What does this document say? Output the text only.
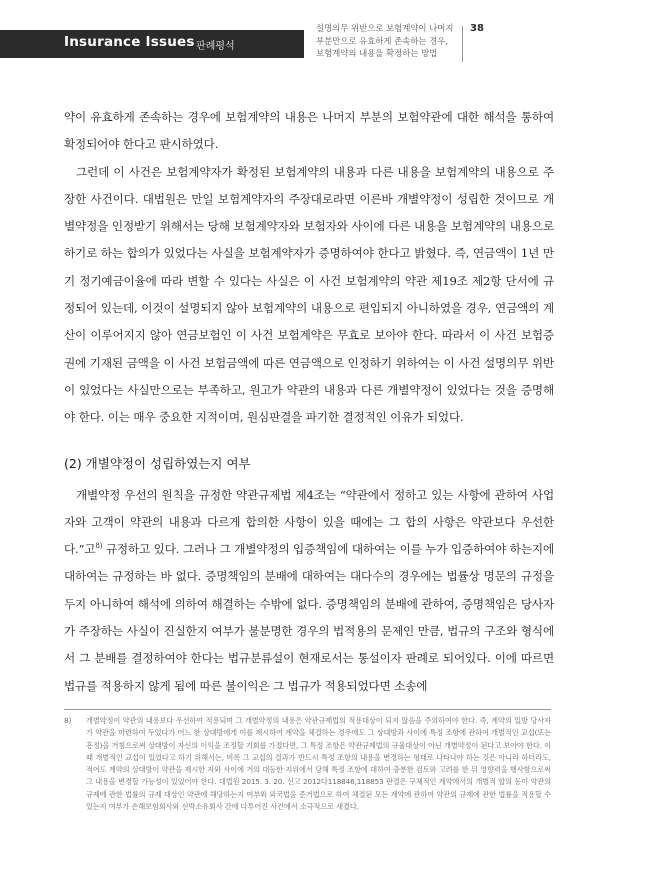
Insurance Issues 판례평석
설명의무 위반으로 보험계약이 나머지
부분만으로 유효하게 존속하는 경우,
보험계약의 내용을 확정하는 방법
38

약이 유효하게 존속하는 경우에 보험계약의 내용은 나머지 부분의 보험약관에 대한 해석을 통하여 확정되어야 한다고 판시하였다.

그런데 이 사건은 보험계약자가 확정된 보험계약의 내용과 다른 내용을 보험계약의 내용으로 주장한 사건이다. 대법원은 만일 보험계약자의 주장대로라면 이른바 개별약정이 성립한 것이므로 개별약정을 인정받기 위해서는 당해 보험계약자와 보험자와 사이에 다른 내용을 보험계약의 내용으로 하기로 하는 합의가 있었다는 사실을 보험계약자가 증명하여야 한다고 밝혔다. 즉, 연금액이 1년 만기 정기예금이율에 따라 변할 수 있다는 사실은 이 사건 보험계약의 약관 제19조 제2항 단서에 규정되어 있는데, 이것이 설명되지 않아 보험계약의 내용으로 편입되지 아니하였을 경우, 연금액의 계산이 이루어지지 않아 연금보험인 이 사건 보험계약은 무효로 보아야 한다. 따라서 이 사건 보험증권에 기재된 금액을 이 사건 보험금액에 따른 연금액으로 인정하기 위하여는 이 사건 설명의무 위반이 있었다는 사실만으로는 부족하고, 원고가 약관의 내용과 다른 개별약정이 있었다는 것을 증명해야 한다. 이는 매우 중요한 지적이며, 원심판결을 파기한 결정적인 이유가 되었다.

(2) 개별약정이 성립하였는지 여부

개별약정 우선의 원칙을 규정한 약관규제법 제4조는 “약관에서 정하고 있는 사항에 관하여 사업자와 고객이 약관의 내용과 다르게 합의한 사항이 있을 때에는 그 합의 사항은 약관보다 우선한다.”고$^{8)}$ 규정하고 있다. 그러나 그 개별약정의 입증책임에 대하여는 이를 누가 입증하여야 하는지에 대하여는 규정하는 바 없다. 증명책임의 분배에 대하여는 대다수의 경우에는 법률상 명문의 규정을 두지 아니하여 해석에 의하여 해결하는 수밖에 없다. 증명책임의 분배에 관하여, 증명책임은 당사자가 주장하는 사실이 진실한지 여부가 불분명한 경우의 법적용의 문제인 만큼, 법규의 구조와 형식에서 그 분배를 결정하여야 한다는 법규분류설이 현재로서는 통설이자 판례로 되어있다. 이에 따르면 법규를 적용하지 않게 됨에 따른 불이익은 그 법규가 적용되었다면 소송에

8)	개별약정이 약관의 내용보다 우선하여 적용되며 그 개별약정의 내용은 약관규제법의 적용대상이 되지 않음을 주의하여야 한다. 즉, 계약의 일방 당사자가 약관을 마련하여 두었다가 어느 한 상대방에게 이를 제시하여 계약을 체결하는 경우에도 그 상대방과 사이에 특정 조항에 관하여 개별적인 교섭(또는 흥정)을 거침으로써 상대방이 자신의 이익을 조정할 기회를 가졌다면, 그 특정 조항은 약관규제법의 규율대상이 아닌 개별약정이 된다고 보아야 한다. 이때 개별적인 교섭이 있었다고 하기 위해서는, 비록 그 교섭의 결과가 반드시 특정 조항의 내용을 변경하는 형태로 나타나야 하는 것은 아니라 하더라도, 적어도 계약의 상대방이 약관을 제시한 자와 사이에 거의 대등한 지위에서 당해 특정 조항에 대하여 충분한 검토와 고려를 한 뒤 영향력을 행사함으로써 그 내용을 변경할 가능성이 있었어야 한다. 대법원 2015. 3. 20. 선고 2012다118846,118853 판결은 구체적인 계약에서의 개별적 합의 등이 약관의 규제에 관한 법률의 규제 대상인 약관에 해당하는지 여부와 외국법을 준거법으로 하여 체결된 모든 계약에 관하여 약관의 규제에 관한 법률을 적용할 수 있는지 여부가 손해보험회사와 선박소유회사 간에 다투어진 사건에서 소극적으로 새겼다.
